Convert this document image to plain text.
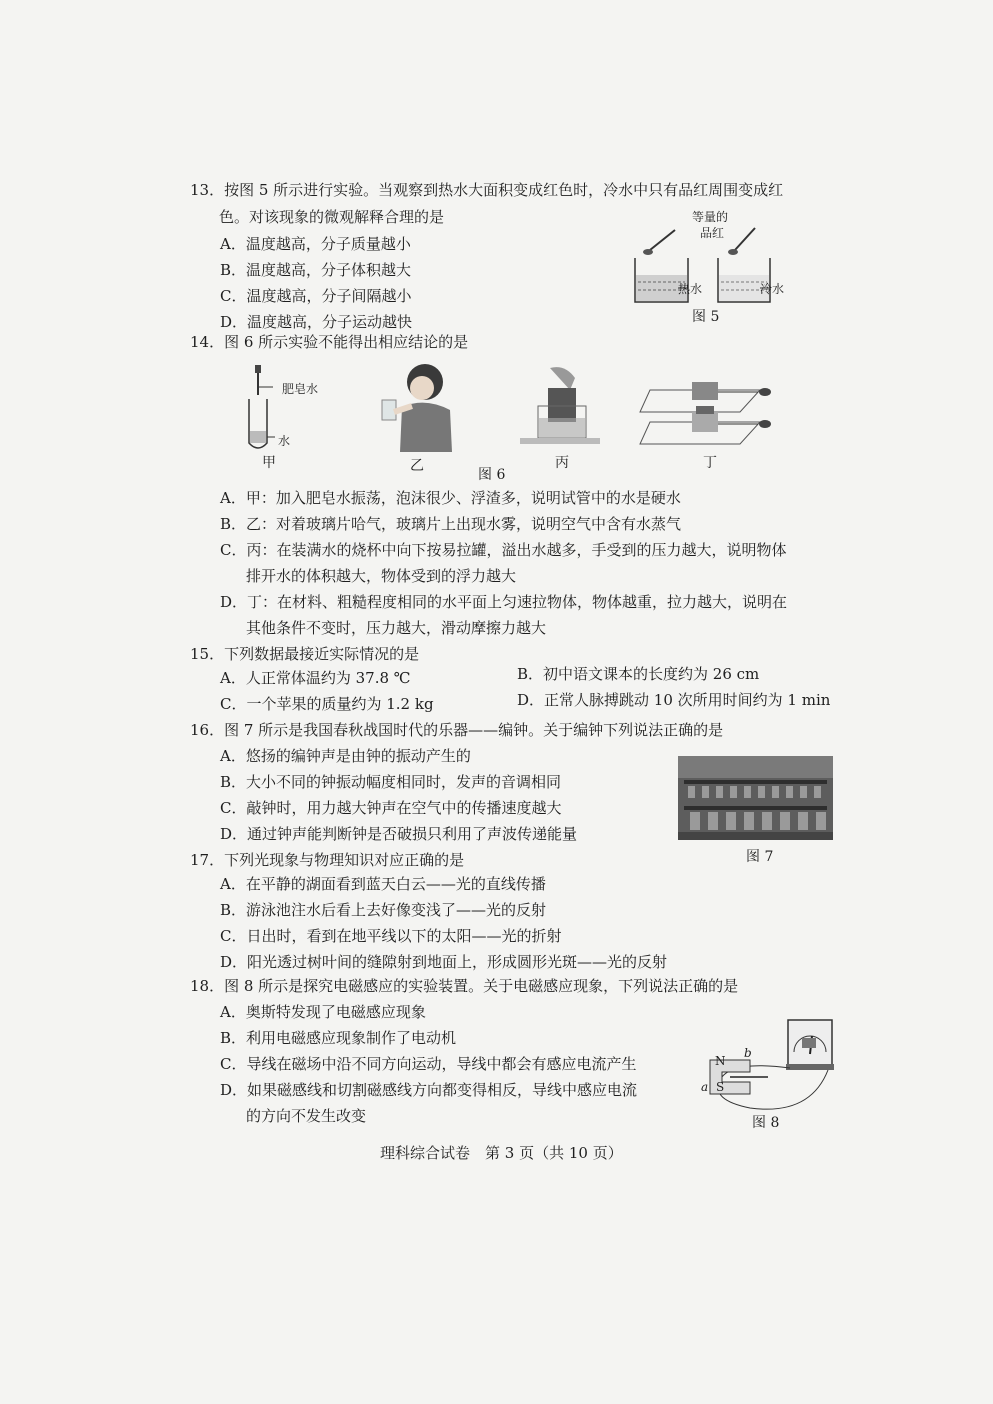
13．按图 5 所示进行实验。当观察到热水大面积变成红色时，冷水中只有品红周围变成红
色。对该现象的微观解释合理的是
A．温度越高，分子质量越小
B．温度越高，分子体积越大
C．温度越高，分子间隔越小
D．温度越高，分子运动越快
等量的
品红
热水	冷水
图 5
14．图 6 所示实验不能得出相应结论的是
肥皂水
水
甲	乙	丙	丁
图 6
A．甲：加入肥皂水振荡，泡沫很少、浮渣多，说明试管中的水是硬水
B．乙：对着玻璃片哈气，玻璃片上出现水雾，说明空气中含有水蒸气
C．丙：在装满水的烧杯中向下按易拉罐，溢出水越多，手受到的压力越大，说明物体
排开水的体积越大，物体受到的浮力越大
D．丁：在材料、粗糙程度相同的水平面上匀速拉物体，物体越重，拉力越大，说明在
其他条件不变时，压力越大，滑动摩擦力越大
15．下列数据最接近实际情况的是
A．人正常体温约为 37.8 ℃	B．初中语文课本的长度约为 26 cm
C．一个苹果的质量约为 1.2 kg	D．正常人脉搏跳动 10 次所用时间约为 1 min
16．图 7 所示是我国春秋战国时代的乐器——编钟。关于编钟下列说法正确的是
A．悠扬的编钟声是由钟的振动产生的
B．大小不同的钟振动幅度相同时，发声的音调相同
C．敲钟时，用力越大钟声在空气中的传播速度越大
D．通过钟声能判断钟是否破损只利用了声波传递能量
图 7
17．下列光现象与物理知识对应正确的是
A．在平静的湖面看到蓝天白云——光的直线传播
B．游泳池注水后看上去好像变浅了——光的反射
C．日出时，看到在地平线以下的太阳——光的折射
D．阳光透过树叶间的缝隙射到地面上，形成圆形光斑——光的反射
18．图 8 所示是探究电磁感应的实验装置。关于电磁感应现象，下列说法正确的是
A．奥斯特发现了电磁感应现象
B．利用电磁感应现象制作了电动机
C．导线在磁场中沿不同方向运动，导线中都会有感应电流产生
D．如果磁感线和切割磁感线方向都变得相反，导线中感应电流
的方向不发生改变
N
S
a
b
图 8
理科综合试卷　第 3 页（共 10 页）
